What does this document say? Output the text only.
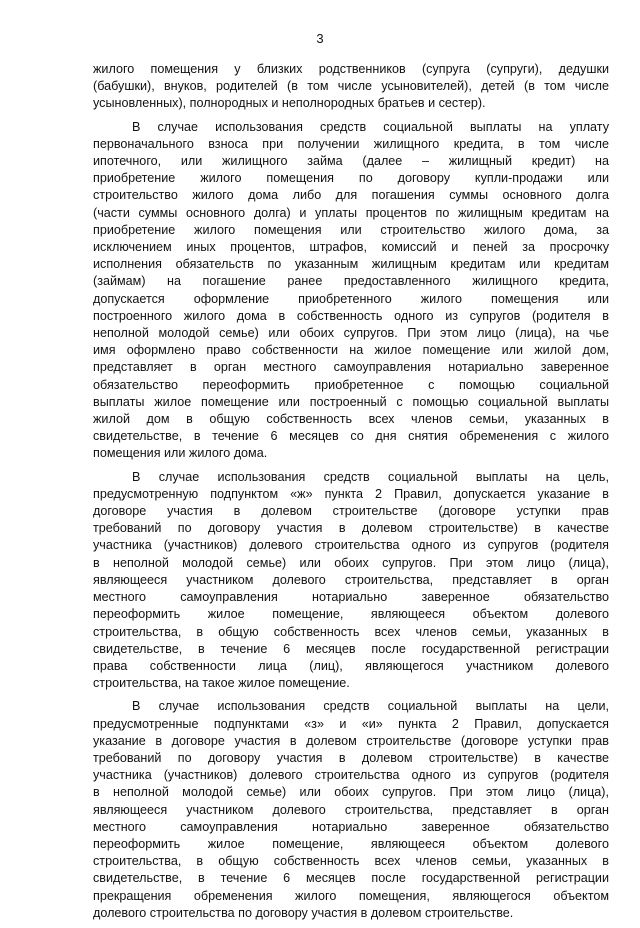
3
жилого помещения у близких родственников (супруга (супруги), дедушки
(бабушки), внуков, родителей (в том числе усыновителей), детей (в том числе
усыновленных), полнородных и неполнородных братьев и сестер).
В случае использования средств социальной выплаты на уплату
первоначального взноса при получении жилищного кредита, в том числе
ипотечного, или жилищного займа (далее – жилищный кредит) на
приобретение жилого помещения по договору купли-продажи или
строительство жилого дома либо для погашения суммы основного долга
(части суммы основного долга) и уплаты процентов по жилищным кредитам на
приобретение жилого помещения или строительство жилого дома, за
исключением иных процентов, штрафов, комиссий и пеней за просрочку
исполнения обязательств по указанным жилищным кредитам или кредитам
(займам) на погашение ранее предоставленного жилищного кредита,
допускается оформление приобретенного жилого помещения или
построенного жилого дома в собственность одного из супругов (родителя в
неполной молодой семье) или обоих супругов. При этом лицо (лица), на чье
имя оформлено право собственности на жилое помещение или жилой дом,
представляет в орган местного самоуправления нотариально заверенное
обязательство переоформить приобретенное с помощью социальной
выплаты жилое помещение или построенный с помощью социальной выплаты
жилой дом в общую собственность всех членов семьи, указанных в
свидетельстве, в течение 6 месяцев со дня снятия обременения с жилого
помещения или жилого дома.
В случае использования средств социальной выплаты на цель,
предусмотренную подпунктом «ж» пункта 2 Правил, допускается указание в
договоре участия в долевом строительстве (договоре уступки прав
требований по договору участия в долевом строительстве) в качестве
участника (участников) долевого строительства одного из супругов (родителя
в неполной молодой семье) или обоих супругов. При этом лицо (лица),
являющееся участником долевого строительства, представляет в орган
местного самоуправления нотариально заверенное обязательство
переоформить жилое помещение, являющееся объектом долевого
строительства, в общую собственность всех членов семьи, указанных в
свидетельстве, в течение 6 месяцев после государственной регистрации
права собственности лица (лиц), являющегося участником долевого
строительства, на такое жилое помещение.
В случае использования средств социальной выплаты на цели,
предусмотренные подпунктами «з» и «и» пункта 2 Правил, допускается
указание в договоре участия в долевом строительстве (договоре уступки прав
требований по договору участия в долевом строительстве) в качестве
участника (участников) долевого строительства одного из супругов (родителя
в неполной молодой семье) или обоих супругов. При этом лицо (лица),
являющееся участником долевого строительства, представляет в орган
местного самоуправления нотариально заверенное обязательство
переоформить жилое помещение, являющееся объектом долевого
строительства, в общую собственность всех членов семьи, указанных в
свидетельстве, в течение 6 месяцев после государственной регистрации
прекращения обременения жилого помещения, являющегося объектом
долевого строительства по договору участия в долевом строительстве.
